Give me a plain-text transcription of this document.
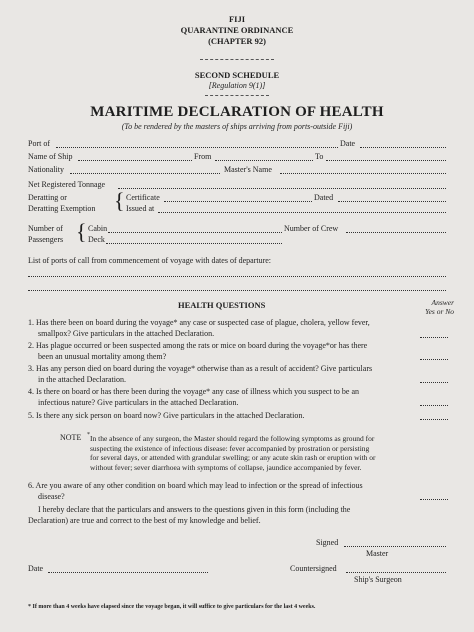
FIJI
QUARANTINE ORDINANCE
(CHAPTER 92)
SECOND SCHEDULE
[Regulation 9(1)]
MARITIME DECLARATION OF HEALTH
(To be rendered by the masters of ships arriving from ports-outside Fiji)
Port of	Date
Name of Ship	From	To
Nationality	Master's Name
Net Registered Tonnage
Deratting or
Deratting Exemption { Certificate	Dated
Issued at
Number of
Passengers { Cabin	Number of Crew
Deck
List of ports of call from commencement of voyage with dates of departure:
HEALTH QUESTIONS	Answer
Yes or No
1. Has there been on board during the voyage* any case or suspected case of plague, cholera, yellow fever,
smallpox? Give particulars in the attached Declaration.
2. Has plague occurred or been suspected among the rats or mice on board during the voyage*or has there
been an unusual mortality among them?
3. Has any person died on board during the voyage* otherwise than as a result of accident? Give particulars
in the attached Declaration.
4. Is there on board or has there been during the voyage* any case of illness which you suspect to be an
infectious nature? Give particulars in the attached Declaration.
5. Is there any sick person on board now? Give particulars in the attached Declaration.
NOTE * In the absence of any surgeon, the Master should regard the following symptoms as ground for
suspecting the existence of infectious disease: fever accompanied by prostration or persisting
for several days, or attended with grandular swelling; or any acute skin rash or eruption with or
without fever; sever diarrhoea with symptoms of collapse, jaundice accompanied by fever.
6. Are you aware of any other condition on board which may lead to infection or the spread of infectious
disease?
I hereby declare that the particulars and answers to the questions given in this form (including the
Declaration) are true and correct to the best of my knowledge and belief.
Signed
Master
Date	Countersigned
Ship's Surgeon
* If more than 4 weeks have elapsed since the voyage began, it will suffice to give particulars for the last 4 weeks.
